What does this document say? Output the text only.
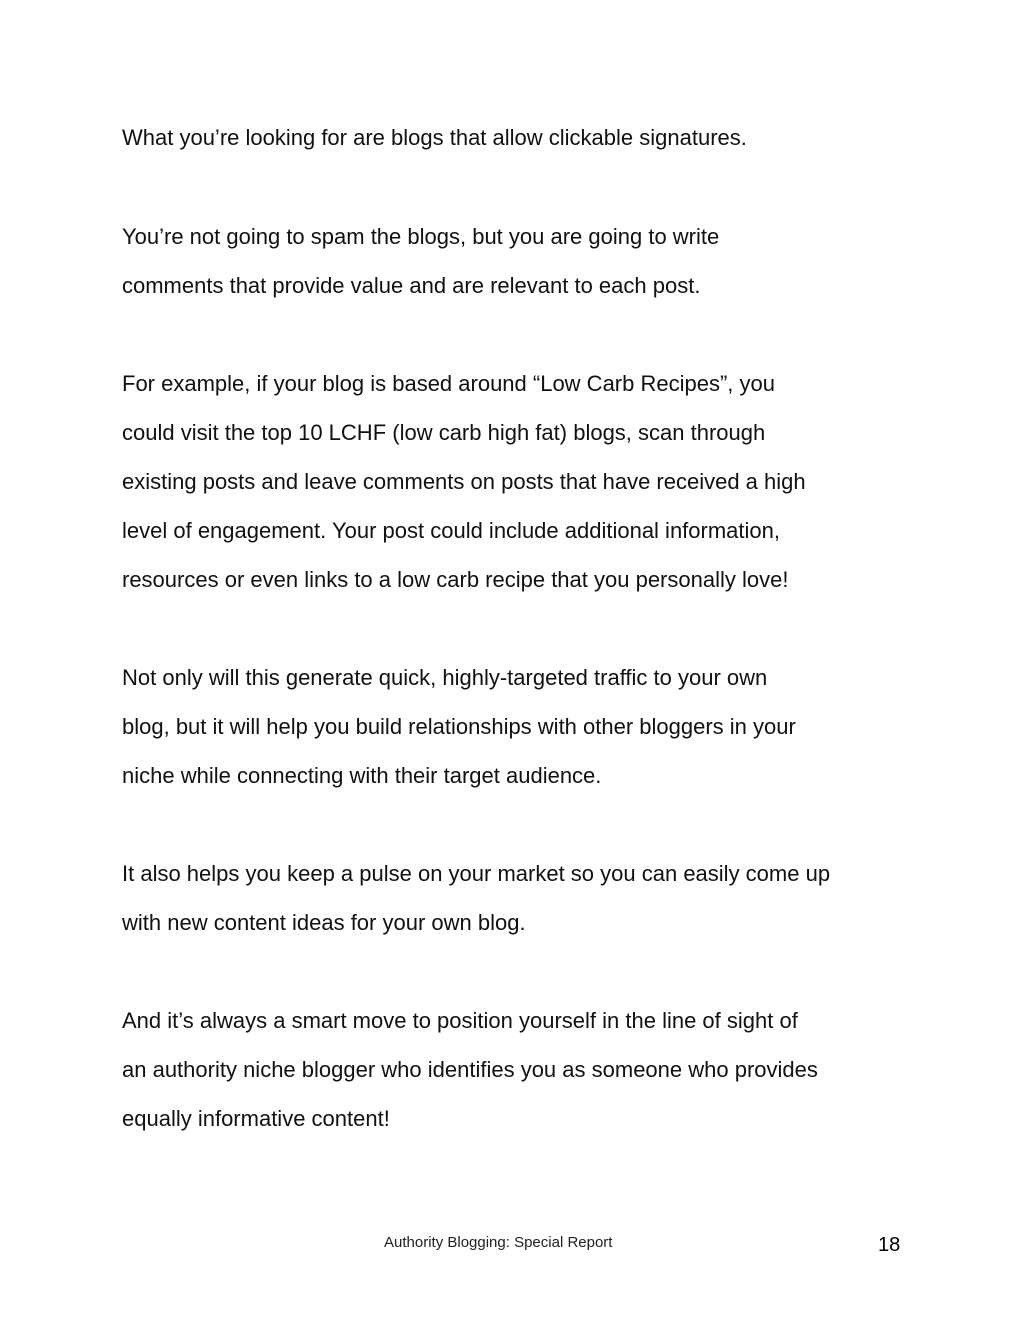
What you’re looking for are blogs that allow clickable signatures.
You’re not going to spam the blogs, but you are going to write
comments that provide value and are relevant to each post.
For example, if your blog is based around “Low Carb Recipes”, you
could visit the top 10 LCHF (low carb high fat) blogs, scan through
existing posts and leave comments on posts that have received a high
level of engagement. Your post could include additional information,
resources or even links to a low carb recipe that you personally love!
Not only will this generate quick, highly-targeted traffic to your own
blog, but it will help you build relationships with other bloggers in your
niche while connecting with their target audience.
It also helps you keep a pulse on your market so you can easily come up
with new content ideas for your own blog.
And it’s always a smart move to position yourself in the line of sight of
an authority niche blogger who identifies you as someone who provides
equally informative content!
Authority Blogging: Special Report	18
